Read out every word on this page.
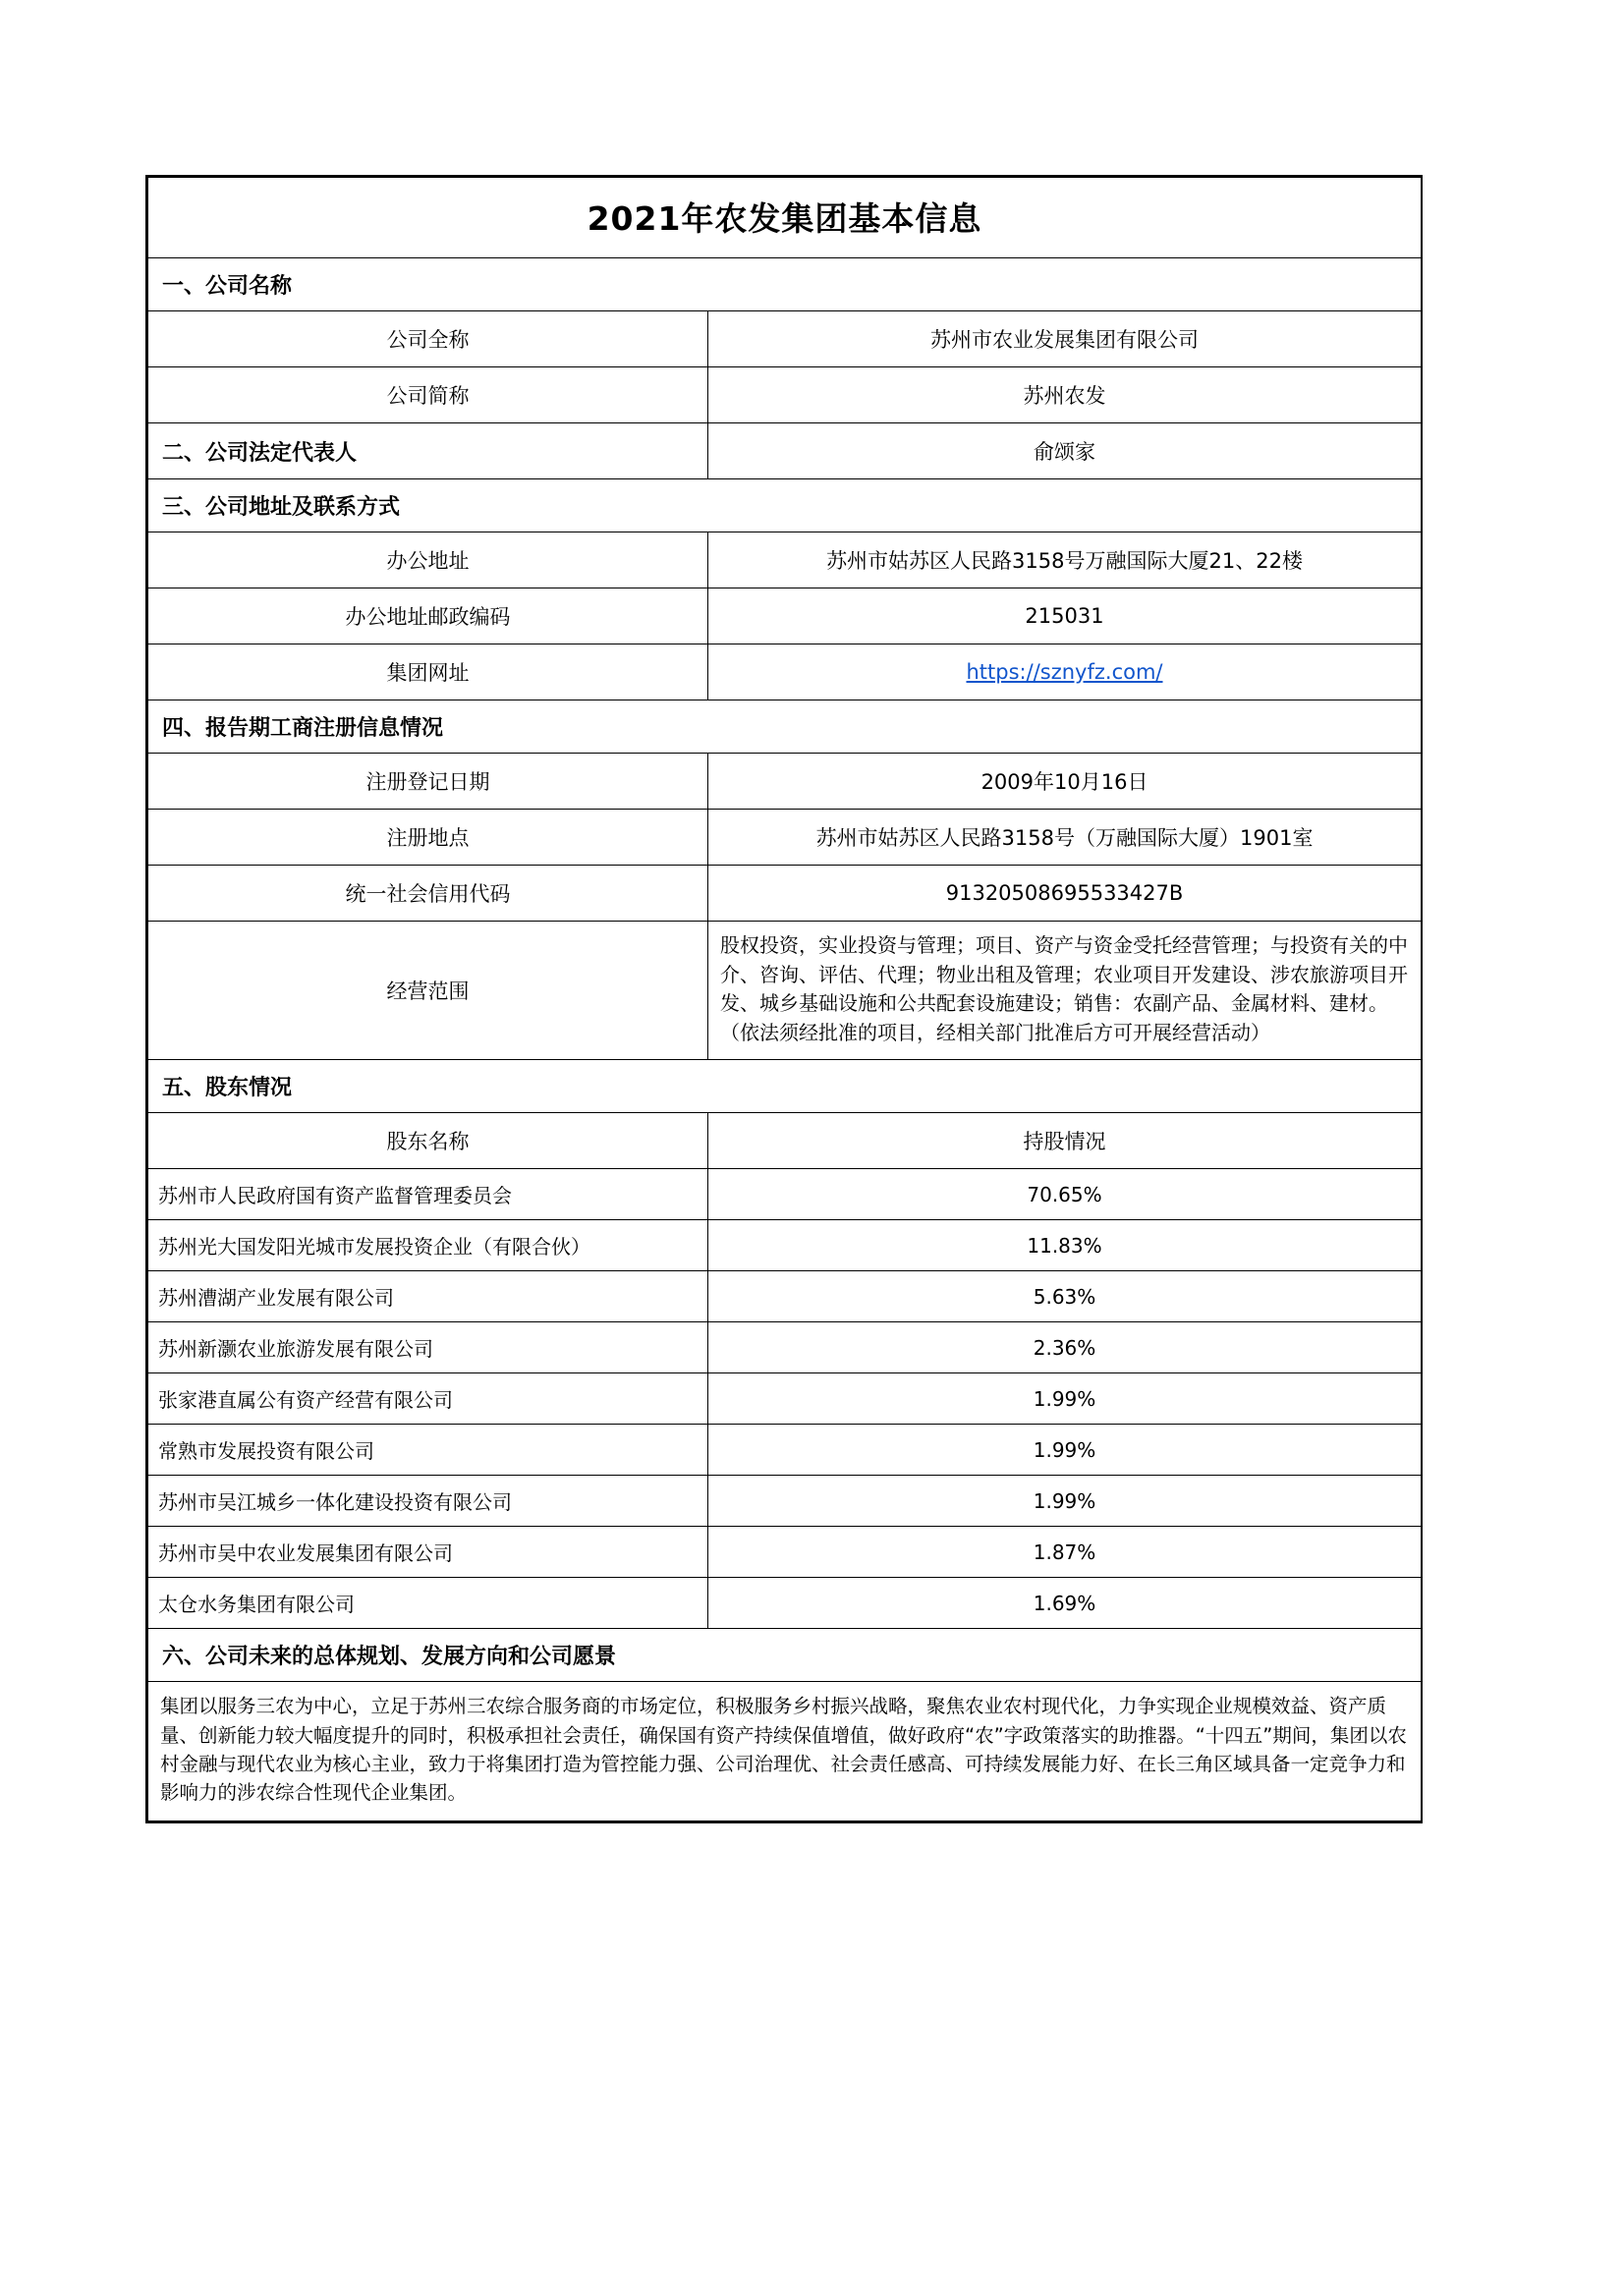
2021年农发集团基本信息	
一、公司名称	
公司全称	苏州市农业发展集团有限公司
公司简称	苏州农发
二、公司法定代表人	俞颂家
三、公司地址及联系方式	
办公地址	苏州市姑苏区人民路3158号万融国际大厦21、22楼
办公地址邮政编码	215031
集团网址	https://sznyfz.com/
四、报告期工商注册信息情况	
注册登记日期	2009年10月16日
注册地点	苏州市姑苏区人民路3158号（万融国际大厦）1901室
统一社会信用代码	91320508695533427B
经营范围	股权投资，实业投资与管理；项目、资产与资金受托经营管理；与投资有关的中介、咨询、评估、代理；物业出租及管理；农业项目开发建设、涉农旅游项目开发、城乡基础设施和公共配套设施建设；销售：农副产品、金属材料、建材。（依法须经批准的项目，经相关部门批准后方可开展经营活动）
五、股东情况	
股东名称	持股情况
苏州市人民政府国有资产监督管理委员会	70.65%
苏州光大国发阳光城市发展投资企业（有限合伙）	11.83%
苏州漕湖产业发展有限公司	5.63%
苏州新灏农业旅游发展有限公司	2.36%
张家港直属公有资产经营有限公司	1.99%
常熟市发展投资有限公司	1.99%
苏州市吴江城乡一体化建设投资有限公司	1.99%
苏州市吴中农业发展集团有限公司	1.87%
太仓水务集团有限公司	1.69%
六、公司未来的总体规划、发展方向和公司愿景	
集团以服务三农为中心，立足于苏州三农综合服务商的市场定位，积极服务乡村振兴战略，聚焦农业农村现代化，力争实现企业规模效益、资产质量、创新能力较大幅度提升的同时，积极承担社会责任，确保国有资产持续保值增值，做好政府“农”字政策落实的助推器。“十四五”期间，集团以农村金融与现代农业为核心主业，致力于将集团打造为管控能力强、公司治理优、社会责任感高、可持续发展能力好、在长三角区域具备一定竞争力和影响力的涉农综合性现代企业集团。	
